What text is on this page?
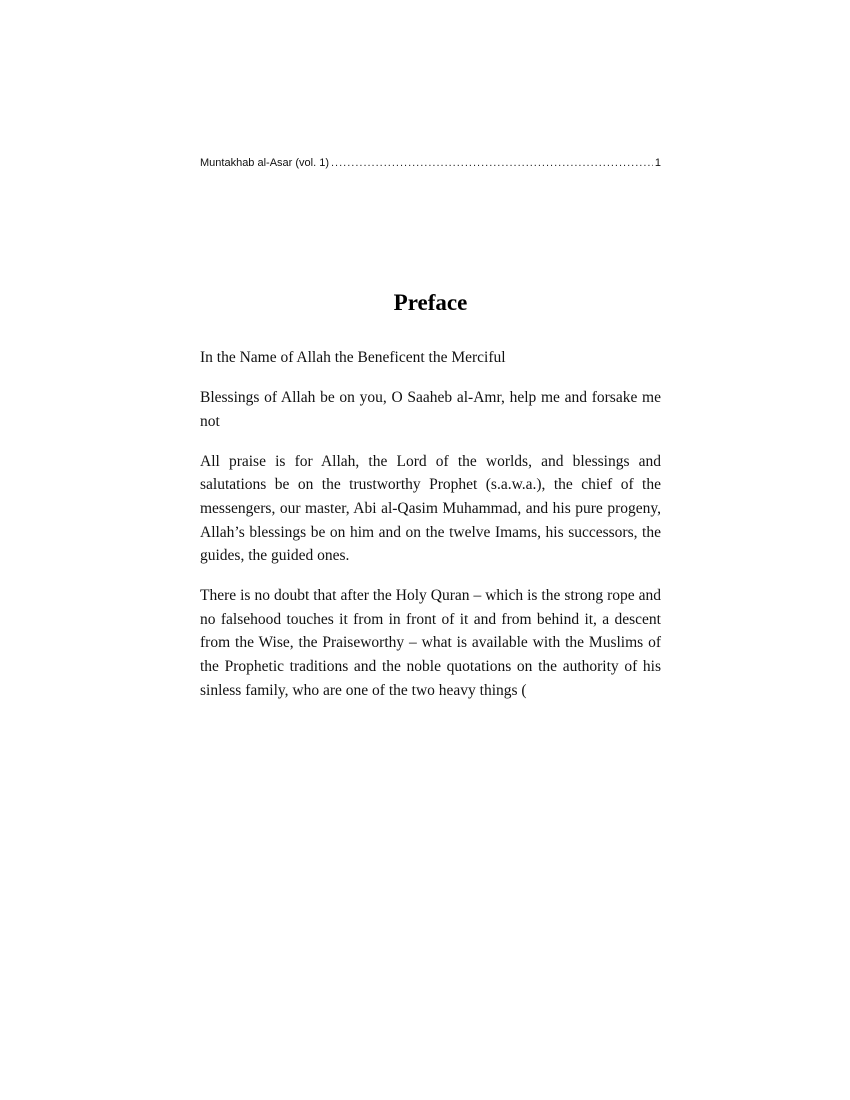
Muntakhab al-Asar (vol. 1)
.....	1
Preface

In the Name of Allah the Beneficent the Merciful

Blessings of Allah be on you, O Saaheb al-Amr, help me and forsake me not

All praise is for Allah, the Lord of the worlds, and blessings and salutations be on the trustworthy Prophet (s.a.w.a.), the chief of the messengers, our master, Abi al-Qasim Muhammad, and his pure progeny, Allah’s blessings be on him and on the twelve Imams, his successors, the guides, the guided ones.

There is no doubt that after the Holy Quran – which is the strong rope and no falsehood touches it from in front of it and from behind it, a descent from the Wise, the Praiseworthy – what is available with the Muslims of the Prophetic traditions and the noble quotations on the authority of his sinless family, who are one of the two heavy things (
